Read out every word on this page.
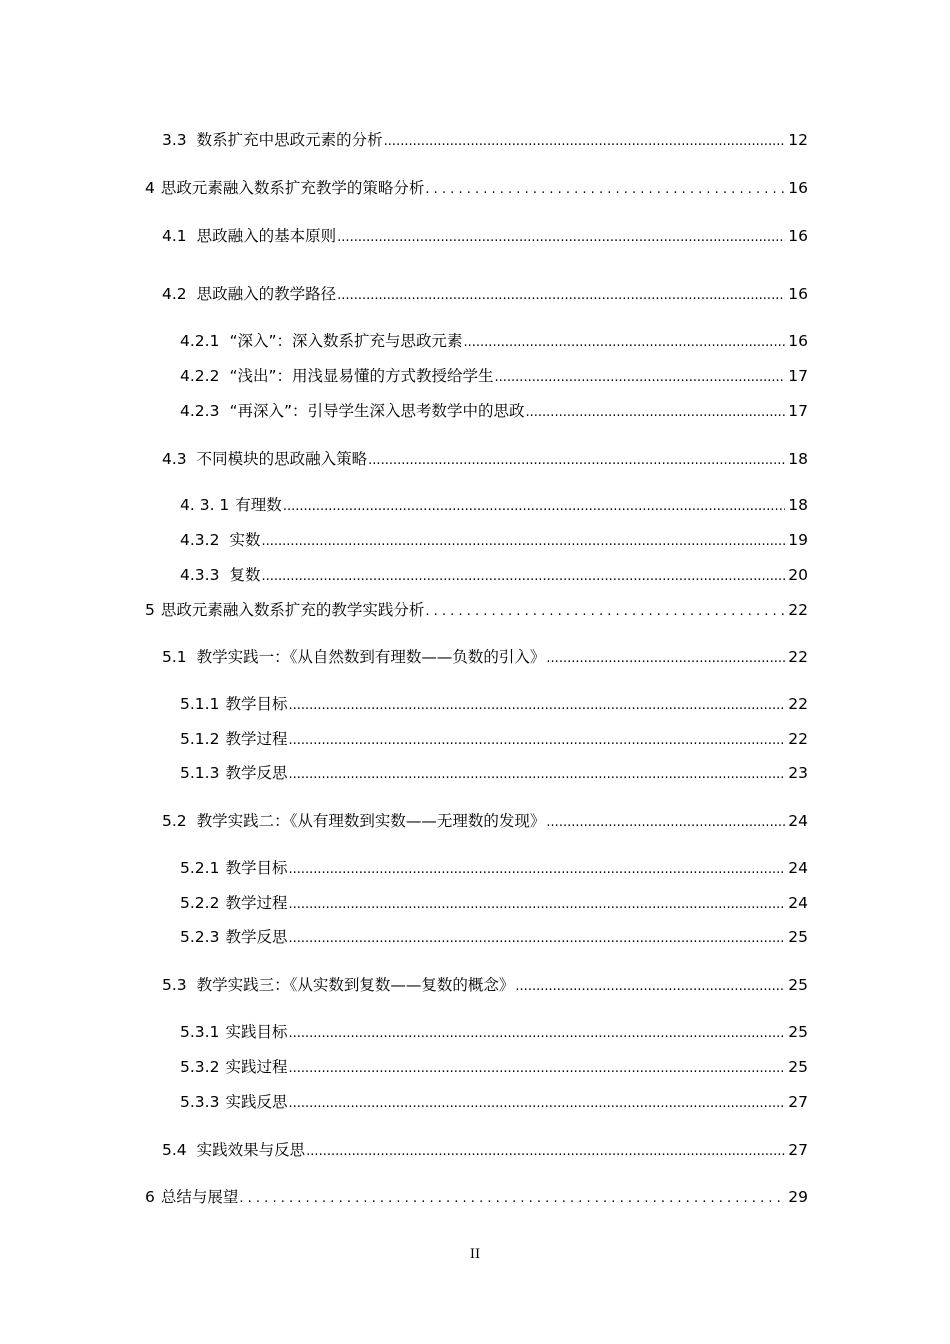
3.3 数系扩充中思政元素的分析 .....	12
4 思政元素融入数系扩充教学的策略分析 . . .	16
4.1 思政融入的基本原则 .....	16
4.2 思政融入的教学路径 .....	16
4.2.1 “深入”：深入数系扩充与思政元素 .....	16
4.2.2 “浅出”：用浅显易懂的方式教授给学生 .....	17
4.2.3 “再深入”：引导学生深入思考数学中的思政 .....	17
4.3 不同模块的思政融入策略 .....	18
4. 3. 1 有理数 .....	18
4.3.2 实数 .....	19
4.3.3 复数 .....	20
5 思政元素融入数系扩充的教学实践分析 . . .	22
5.1 教学实践一：《从自然数到有理数——负数的引入》 .....	22
5.1.1 教学目标 .....	22
5.1.2 教学过程 .....	22
5.1.3 教学反思 .....	23
5.2 教学实践二：《从有理数到实数——无理数的发现》 .....	24
5.2.1 教学目标 .....	24
5.2.2 教学过程 .....	24
5.2.3 教学反思 .....	25
5.3 教学实践三：《从实数到复数——复数的概念》 .....	25
5.3.1 实践目标 .....	25
5.3.2 实践过程 .....	25
5.3.3 实践反思 .....	27
5.4 实践效果与反思 .....	27
6 总结与展望 . . .	29
II
